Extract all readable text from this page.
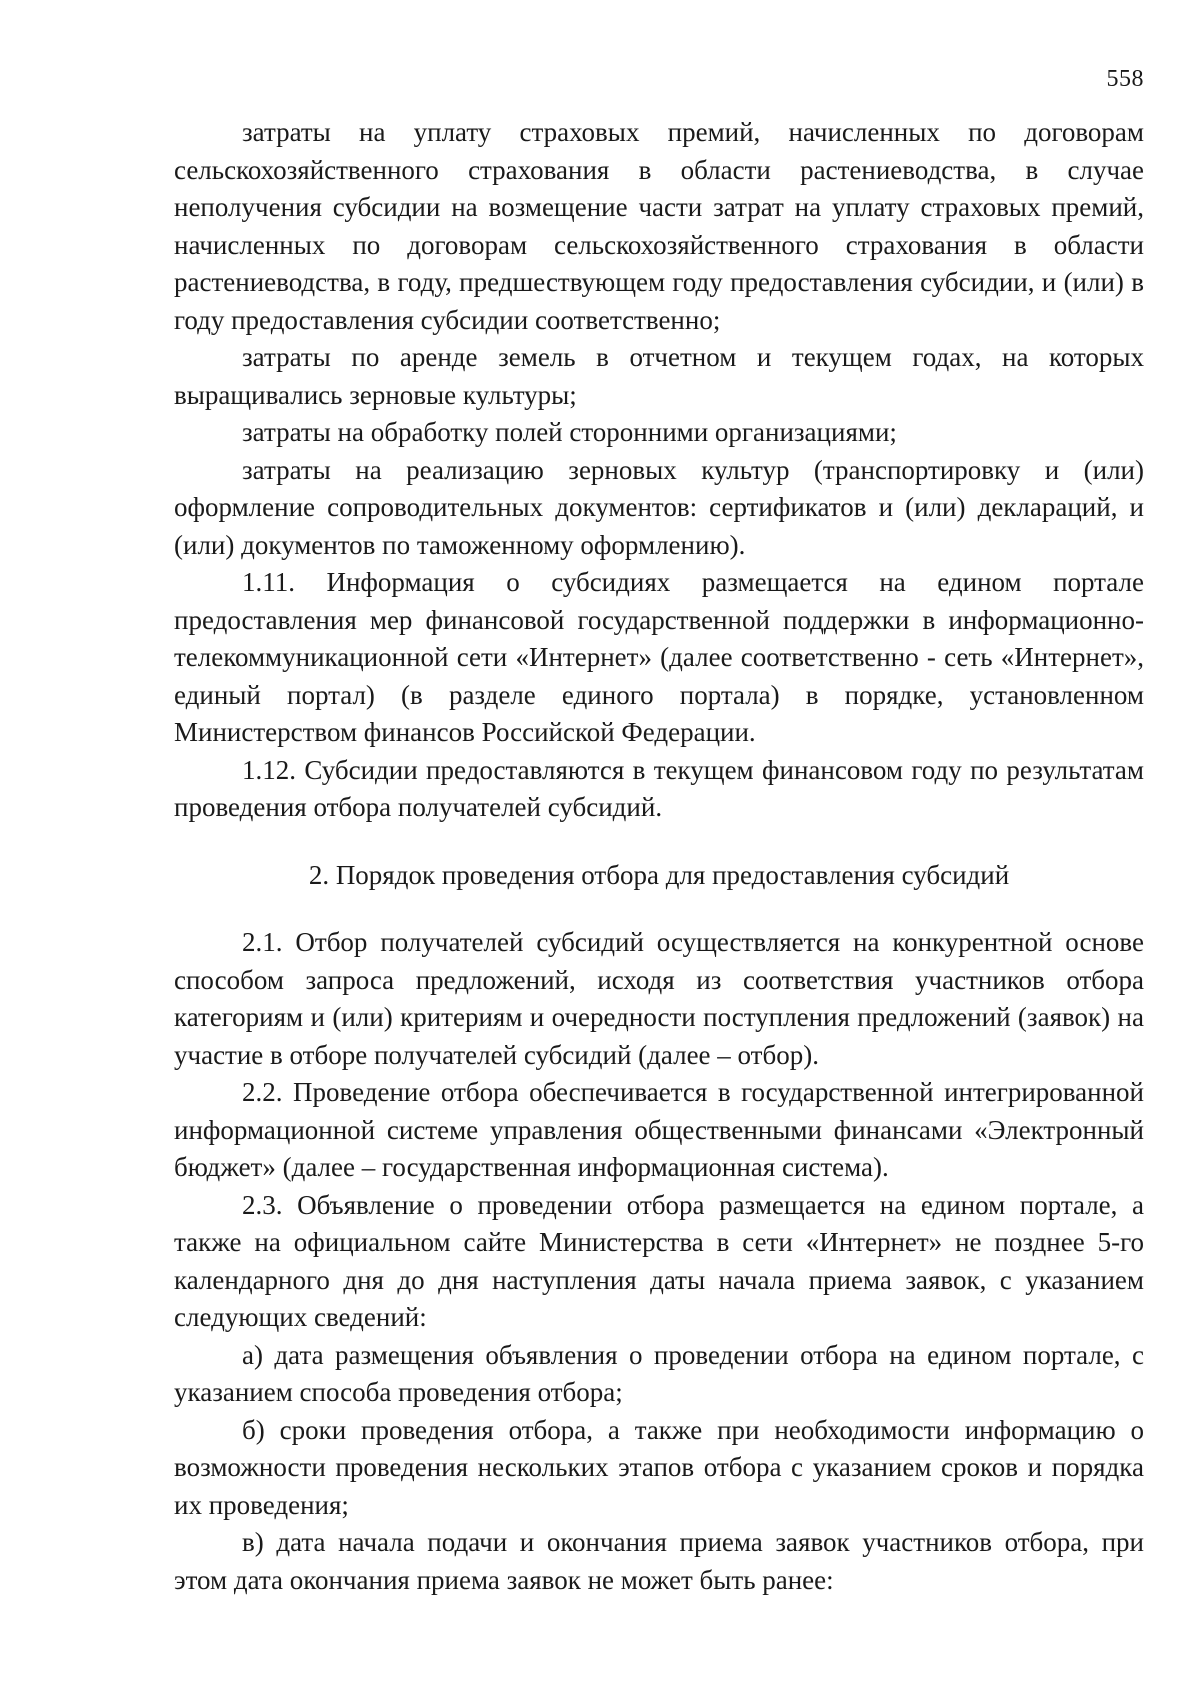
558

затраты на уплату страховых премий, начисленных по договорам сельскохозяйственного страхования в области растениеводства, в случае неполучения субсидии на возмещение части затрат на уплату страховых премий, начисленных по договорам сельскохозяйственного страхования в области растениеводства, в году, предшествующем году предоставления субсидии, и (или) в году предоставления субсидии соответственно;

затраты по аренде земель в отчетном и текущем годах, на которых выращивались зерновые культуры;

затраты на обработку полей сторонними организациями;

затраты на реализацию зерновых культур (транспортировку и (или) оформление сопроводительных документов: сертификатов и (или) деклараций, и (или) документов по таможенному оформлению).

1.11. Информация о субсидиях размещается на едином портале предоставления мер финансовой государственной поддержки в информационно-телекоммуникационной сети «Интернет» (далее соответственно - сеть «Интернет», единый портал) (в разделе единого портала) в порядке, установленном Министерством финансов Российской Федерации.

1.12. Субсидии предоставляются в текущем финансовом году по результатам проведения отбора получателей субсидий.

2. Порядок проведения отбора для предоставления субсидий

2.1. Отбор получателей субсидий осуществляется на конкурентной основе способом запроса предложений, исходя из соответствия участников отбора категориям и (или) критериям и очередности поступления предложений (заявок) на участие в отборе получателей субсидий (далее – отбор).

2.2. Проведение отбора обеспечивается в государственной интегрированной информационной системе управления общественными финансами «Электронный бюджет» (далее – государственная информационная система).

2.3. Объявление о проведении отбора размещается на едином портале, а также на официальном сайте Министерства в сети «Интернет» не позднее 5-го календарного дня до дня наступления даты начала приема заявок, с указанием следующих сведений:

а) дата размещения объявления о проведении отбора на едином портале, с указанием способа проведения отбора;

б) сроки проведения отбора, а также при необходимости информацию о возможности проведения нескольких этапов отбора с указанием сроков и порядка их проведения;

в) дата начала подачи и окончания приема заявок участников отбора, при этом дата окончания приема заявок не может быть ранее:
